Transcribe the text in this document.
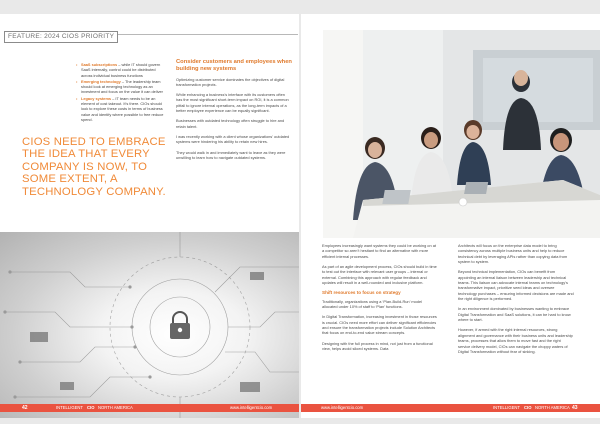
FEATURE: 2024 CIOS PRIORITY
• SaaS subscriptions – while IT should govern SaaS internally, control could be distributed across individual business functions
• Emerging technology – The leadership team should look at emerging technology as an investment and focus on the value it can deliver
• Legacy systems – IT team needs to be an element of cost takeout. It’s there. CIOs should look to explore these costs in terms of business value and identify where possible to free reduce spend.
CIOS NEED TO EMBRACE THE IDEA THAT EVERY COMPANY IS NOW, TO SOME EXTENT, A TECHNOLOGY COMPANY.
Consider customers and employees when building new systems

Optimizing customer service dominates the objectives of digital transformation projects.

While enhancing a business’s interface with its customers often has the most significant short-term impact on ROI, it is a common pitfall to ignore internal operations, as the long-term impacts of a better employee experience can be equally significant.

Businesses with outdated technology often struggle to hire and retain talent.

I was recently working with a client whose organizations’ outdated systems were hindering his ability to retain new hires.

They would walk in and immediately want to leave as they were unwilling to learn how to navigate outdated systems.

Employees increasingly want systems they could be working on at a competitor so aren’t hesitant to find an alternative with more efficient internal processes.

As part of an agile development process, CIOs should build in time to test out the interface with relevant user groups – internal or external. Combining this approach with regular feedback and updates will result in a well-rounded and inclusive platform.

Shift resources to focus on strategy

Traditionally, organizations using a ‘Plan-Build-Run’ model allocated under 10% of staff to ‘Plan’ functions.

In Digital Transformation, increasing investment in those resources is crucial. CIOs need more effort can deliver significant efficiencies and ensure the transformation projects include Solution Architects that focus on end-to-end value stream concepts.

Designing with the full process in mind, not just from a functional view, helps avoid siloed systems. Data

Architects will focus on the enterprise data model to bring consistency across multiple business units and help to reduce technical debt by leveraging APIs rather than copying data from system to system.

Beyond technical implementation, CIOs can benefit from appointing an internal liaison between leadership and technical teams. This liaison can advocate internal teams on technology’s transformative impact, prioritize seed ideas and oversee technology purchases – ensuring informed decisions are made and the right diligence is performed.

In an environment dominated by businesses wanting to embrace Digital Transformation and SaaS solutions, it can be hard to know where to start.

However, if armed with the right internal resources, strong alignment and governance with their business units and leadership teams, processes that allow them to move fast and the right service delivery model, CIOs can navigate the choppy waters of Digital Transformation without fear of sinking.

42	INTELLIGENT CIO NORTH AMERICA	www.intelligentcio.com	www.intelligentcio.com	INTELLIGENT CIO NORTH AMERICA 43
